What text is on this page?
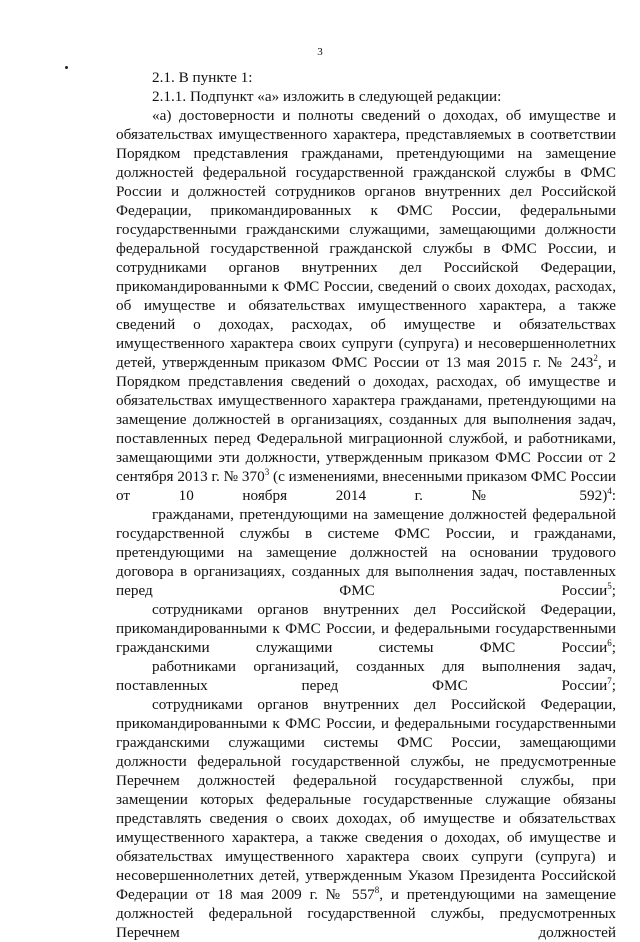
3

2.1. В пункте 1:

2.1.1. Подпункт «а» изложить в следующей редакции:

«а) достоверности и полноты сведений о доходах, об имуществе и обязательствах имущественного характера, представляемых в соответствии Порядком представления гражданами, претендующими на замещение должностей федеральной государственной гражданской службы в ФМС России и должностей сотрудников органов внутренних дел Российской Федерации, прикомандированных к ФМС России, федеральными государственными гражданскими служащими, замещающими должности федеральной государственной гражданской службы в ФМС России, и сотрудниками органов внутренних дел Российской Федерации, прикомандированными к ФМС России, сведений о своих доходах, расходах, об имуществе и обязательствах имущественного характера, а также сведений о доходах, расходах, об имуществе и обязательствах имущественного характера своих супруги (супруга) и несовершеннолетних детей, утвержденным приказом ФМС России от 13 мая 2015 г. № $243^2$, и Порядком представления сведений о доходах, расходах, об имуществе и обязательствах имущественного характера гражданами, претендующими на замещение должностей в организациях, созданных для выполнения задач, поставленных перед Федеральной миграционной службой, и работниками, замещающими эти должности, утвержденным приказом ФМС России от 2 сентября 2013 г. № $370^3$ (с изменениями, внесенными приказом ФМС России от 10 ноября 2014 г. № 592)$^4$:

гражданами, претендующими на замещение должностей федеральной государственной службы в системе ФМС России, и гражданами, претендующими на замещение должностей на основании трудового договора в организациях, созданных для выполнения задач, поставленных перед ФМС России$^5$;

сотрудниками органов внутренних дел Российской Федерации, прикомандированными к ФМС России, и федеральными государственными гражданскими служащими системы ФМС России$^6$;

работниками организаций, созданных для выполнения задач, поставленных перед ФМС России$^7$;

сотрудниками органов внутренних дел Российской Федерации, прикомандированными к ФМС России, и федеральными государственными гражданскими служащими системы ФМС России, замещающими должности федеральной государственной службы, не предусмотренные Перечнем должностей федеральной государственной службы, при замещении которых федеральные государственные служащие обязаны представлять сведения о своих доходах, об имуществе и обязательствах имущественного характера, а также сведения о доходах, об имуществе и обязательствах имущественного характера своих супруги (супруга) и несовершеннолетних детей, утвержденным Указом Президента Российской Федерации от 18 мая 2009 г. № $557^8$, и претендующими на замещение должностей федеральной государственной службы, предусмотренных Перечнем должностей
